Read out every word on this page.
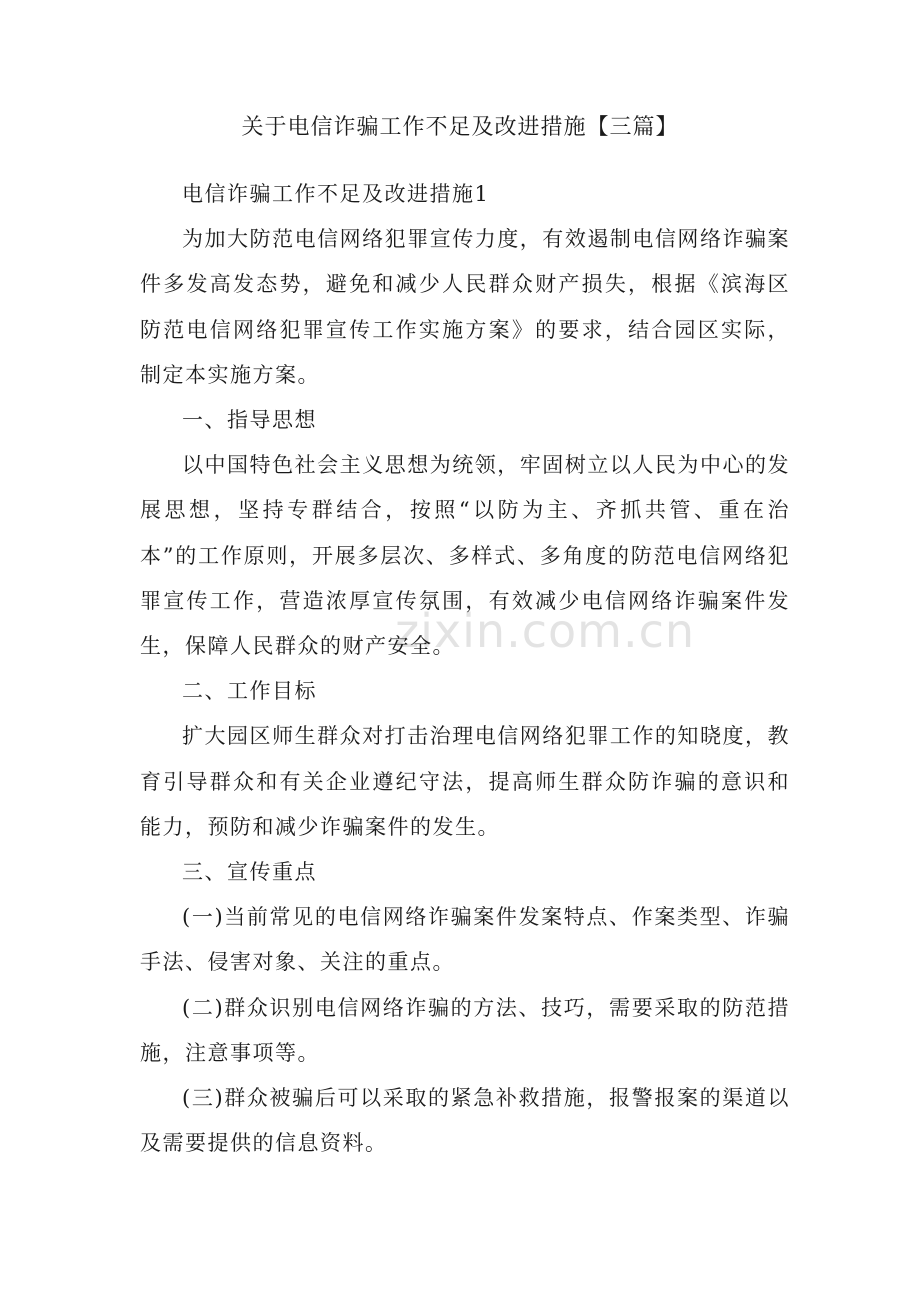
zixin.com.cn
关于电信诈骗工作不足及改进措施【三篇】

电信诈骗工作不足及改进措施1

为加大防范电信网络犯罪宣传力度，有效遏制电信网络诈骗案件多发高发态势，避免和减少人民群众财产损失，根据《滨海区防范电信网络犯罪宣传工作实施方案》的要求，结合园区实际，制定本实施方案。

一、指导思想

以中国特色社会主义思想为统领，牢固树立以人民为中心的发展思想，坚持专群结合，按照“以防为主、齐抓共管、重在治本”的工作原则，开展多层次、多样式、多角度的防范电信网络犯罪宣传工作，营造浓厚宣传氛围，有效减少电信网络诈骗案件发生，保障人民群众的财产安全。

二、工作目标

扩大园区师生群众对打击治理电信网络犯罪工作的知晓度，教育引导群众和有关企业遵纪守法，提高师生群众防诈骗的意识和能力，预防和减少诈骗案件的发生。

三、宣传重点

(一)当前常见的电信网络诈骗案件发案特点、作案类型、诈骗手法、侵害对象、关注的重点。

(二)群众识别电信网络诈骗的方法、技巧，需要采取的防范措施，注意事项等。

(三)群众被骗后可以采取的紧急补救措施，报警报案的渠道以及需要提供的信息资料。
